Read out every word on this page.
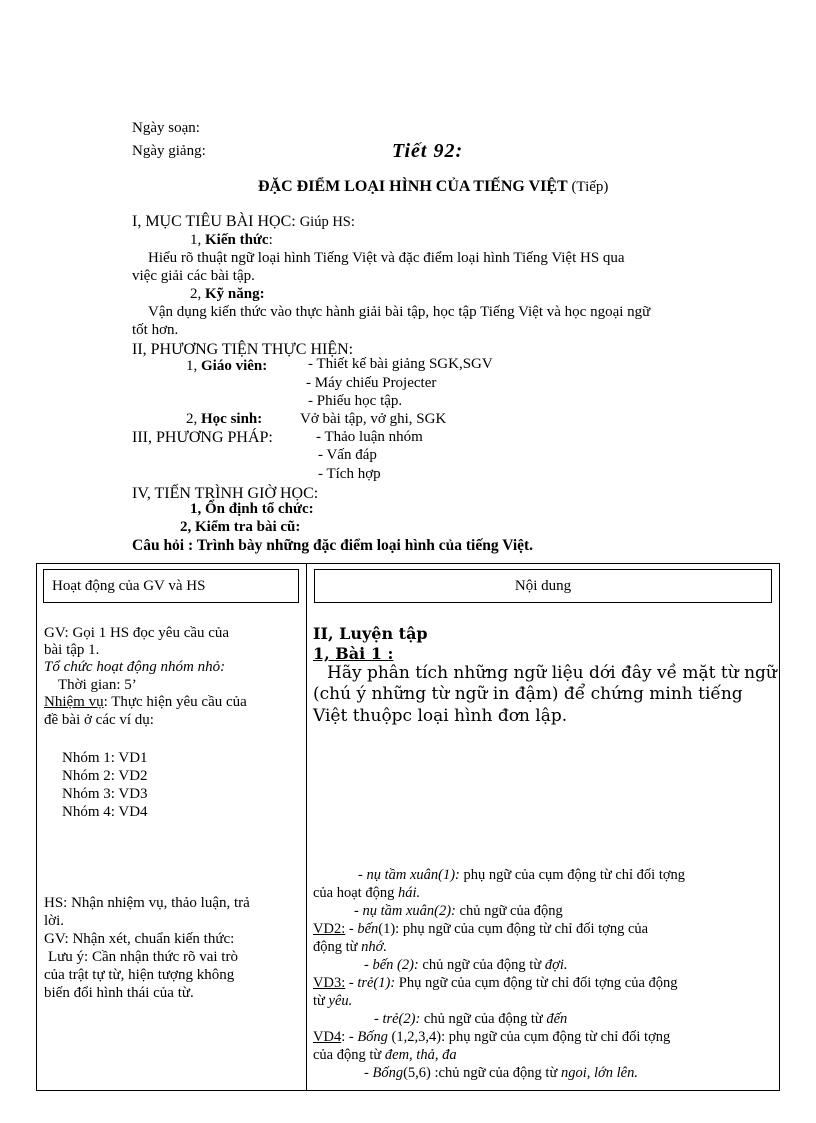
Ngày soạn:
Ngày giảng:	Tiết 92:
ĐẶC ĐIỂM LOẠI HÌNH CỦA TIẾNG VIỆT (Tiếp)
I, MỤC TIÊU BÀI HỌC: Giúp HS:
1, Kiến thức:
Hiểu rõ thuật ngữ loại hình Tiếng Việt và đặc điểm loại hình Tiếng Việt HS qua
việc giải các bài tập.
2, Kỹ năng:
Vận dụng kiến thức vào thực hành giải bài tập, học tập Tiếng Việt và học ngoại ngữ
tốt hơn.
II, PHƯƠNG TIỆN THỰC HIỆN:
1, Giáo viên:	- Thiết kế bài giảng SGK,SGV
- Máy chiếu Projecter
- Phiếu học tập.
2, Học sinh:	Vở bài tập, vở ghi, SGK
III, PHƯƠNG PHÁP:	- Thảo luận nhóm
- Vấn đáp
- Tích hợp
IV, TIẾN TRÌNH GIỜ HỌC:
1, Ổn định tổ chức:
2, Kiểm tra bài cũ:
Câu hỏi : Trình bày những đặc điểm loại hình của tiếng Việt.
Hoạt động của GV và HS	Nội dung
GV: Gọi 1 HS đọc yêu cầu của
bài tập 1.
Tổ chức hoạt động nhóm nhỏ:
Thời gian: 5’
Nhiệm vụ: Thực hiện yêu cầu của
đề bài ở các ví dụ:
Nhóm 1: VD1
Nhóm 2: VD2
Nhóm 3: VD3
Nhóm 4: VD4
HS: Nhận nhiệm vụ, thảo luận, trả
lời.
GV: Nhận xét, chuẩn kiến thức:
Lưu ý: Cần nhận thức rõ vai trò
của trật tự từ, hiện tượng không
biến đổi hình thái của từ.
II, Luyện tập
1, Bài 1 :
Hãy phân tích những ngữ liệu dới đây về mặt từ ngữ (chú ý những từ ngữ in đậm) để chứng minh tiếng Việt thuộpc loại hình đơn lập.
- nụ tầm xuân(1): phụ ngữ của cụm động từ chỉ đối tợng
của hoạt động hái.
- nụ tầm xuân(2): chủ ngữ của động
VD2: - bến(1): phụ ngữ của cụm động từ chỉ đối tợng của
động từ nhớ.
- bến (2): chủ ngữ của động từ đợi.
VD3: - trẻ(1): Phụ ngữ của cụm động từ chỉ đối tợng của động
từ yêu.
- trẻ(2): chủ ngữ của động từ đến
VD4: - Bống (1,2,3,4): phụ ngữ của cụm động từ chỉ đối tợng
của động từ đem, thả, đa
- Bống(5,6) :chủ ngữ của động từ ngoi, lớn lên.
